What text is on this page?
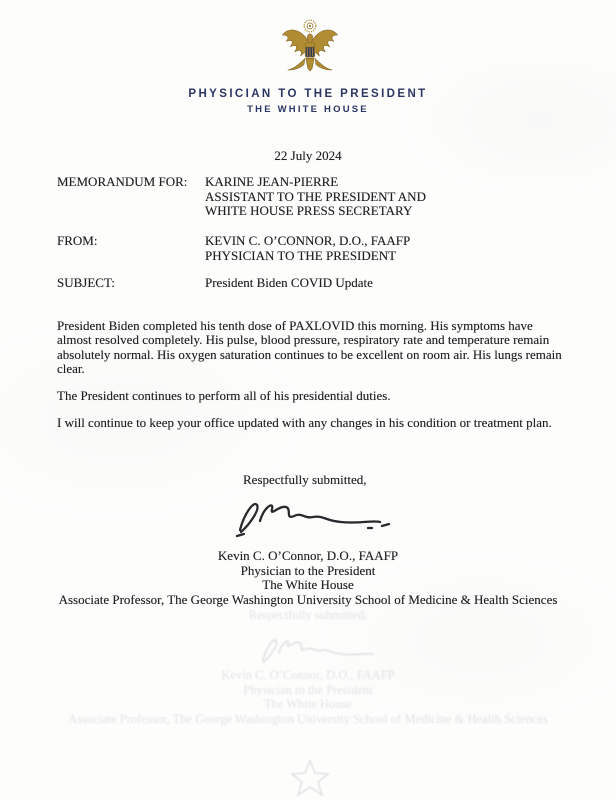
PHYSICIAN TO THE PRESIDENT
THE WHITE HOUSE
22 July 2024
MEMORANDUM FOR:	KARINE JEAN-PIERRE
ASSISTANT TO THE PRESIDENT AND
WHITE HOUSE PRESS SECRETARY
FROM:	KEVIN C. O’CONNOR, D.O., FAAFP
PHYSICIAN TO THE PRESIDENT
SUBJECT:	President Biden COVID Update

President Biden completed his tenth dose of PAXLOVID this morning. His symptoms have almost resolved completely. His pulse, blood pressure, respiratory rate and temperature remain absolutely normal. His oxygen saturation continues to be excellent on room air. His lungs remain clear.

The President continues to perform all of his presidential duties.

I will continue to keep your office updated with any changes in his condition or treatment plan.

Respectfully submitted,
Kevin C. O’Connor, D.O., FAAFP
Physician to the President
The White House
Associate Professor, The George Washington University School of Medicine & Health Sciences
Respectfully submitted,
Kevin C. O’Connor, D.O., FAAFP
Physician to the President
The White House
Associate Professor, The George Washington University School of Medicine & Health Sciences
